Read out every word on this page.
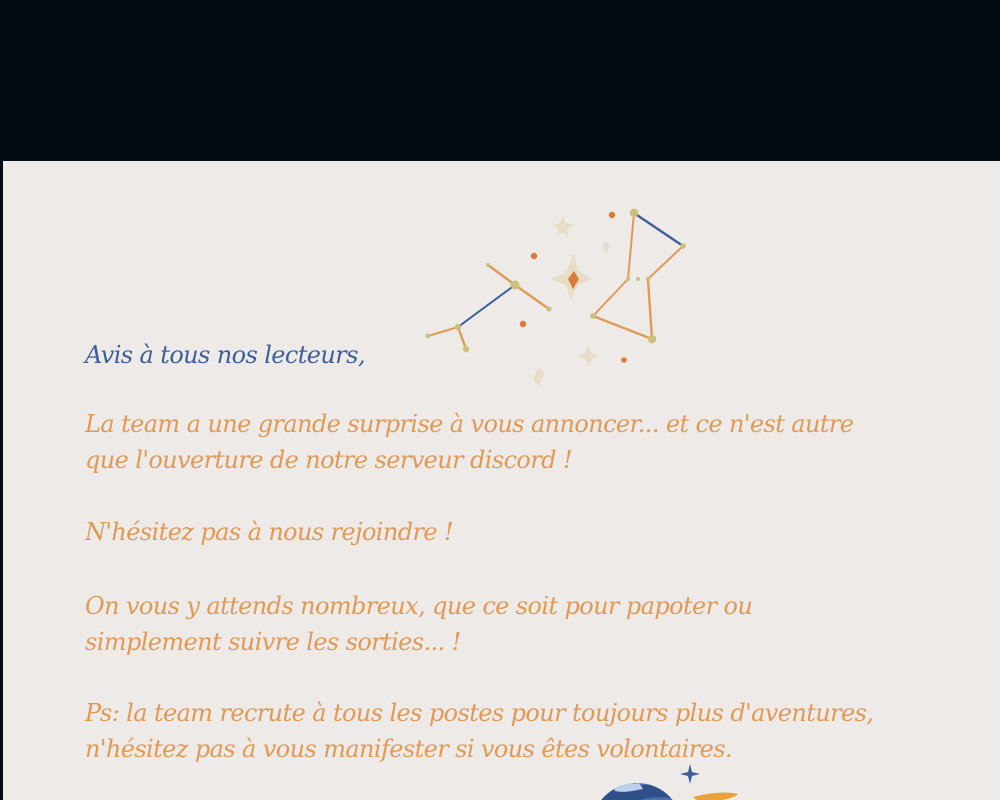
Avis à tous nos lecteurs,

La team a une grande surprise à vous annoncer... et ce n'est autre
que l'ouverture de notre serveur discord !

N'hésitez pas à nous rejoindre !

On vous y attends nombreux, que ce soit pour papoter ou
simplement suivre les sorties... !

Ps: la team recrute à tous les postes pour toujours plus d'aventures,
n'hésitez pas à vous manifester si vous êtes volontaires.
